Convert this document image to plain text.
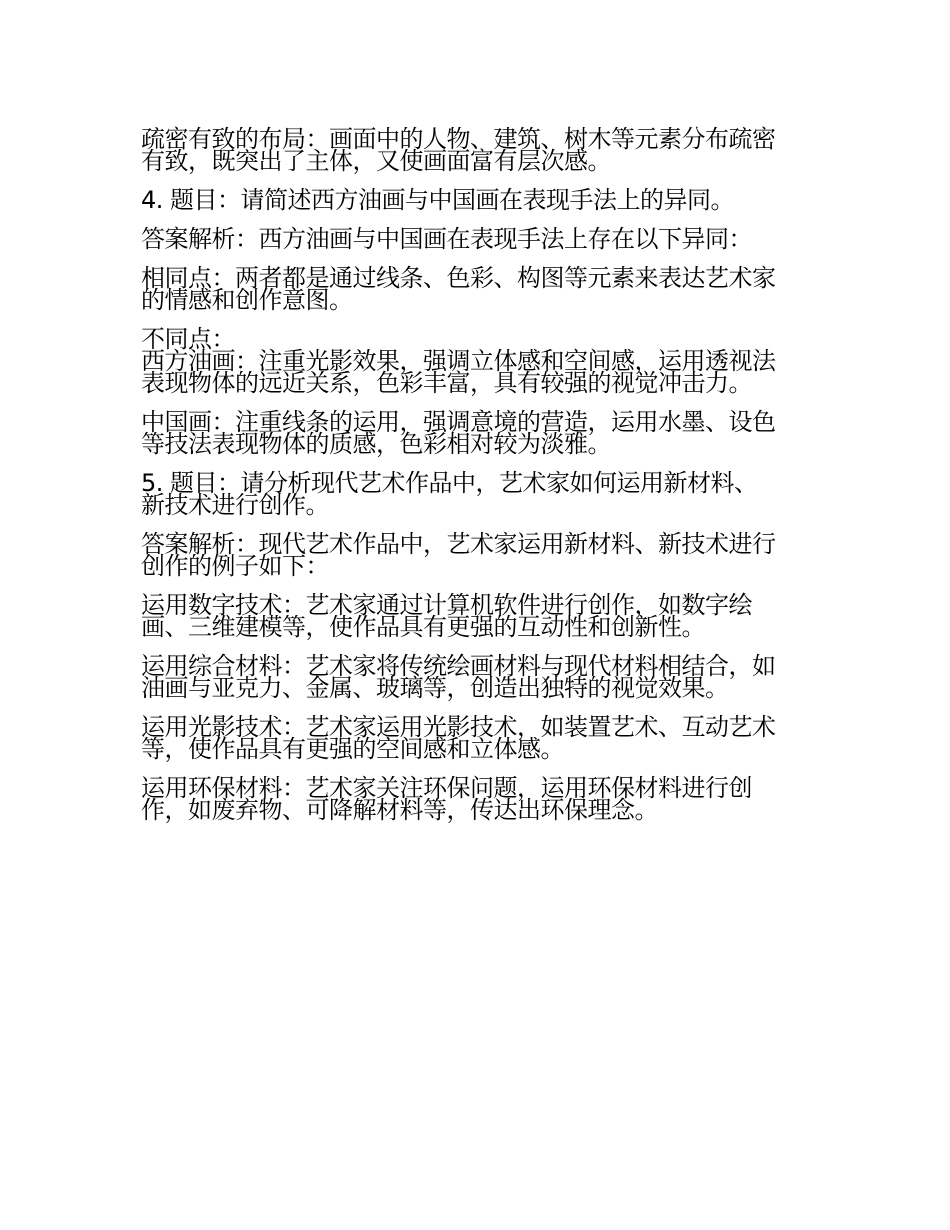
疏密有致的布局：画面中的人物、建筑、树木等元素分布疏密
有致，既突出了主体，又使画面富有层次感。

4. 题目：请简述西方油画与中国画在表现手法上的异同。

答案解析：西方油画与中国画在表现手法上存在以下异同：

相同点：两者都是通过线条、色彩、构图等元素来表达艺术家
的情感和创作意图。

不同点：

西方油画：注重光影效果，强调立体感和空间感，运用透视法
表现物体的远近关系，色彩丰富，具有较强的视觉冲击力。

中国画：注重线条的运用，强调意境的营造，运用水墨、设色
等技法表现物体的质感，色彩相对较为淡雅。

5. 题目：请分析现代艺术作品中，艺术家如何运用新材料、
新技术进行创作。

答案解析：现代艺术作品中，艺术家运用新材料、新技术进行
创作的例子如下：

运用数字技术：艺术家通过计算机软件进行创作，如数字绘
画、三维建模等，使作品具有更强的互动性和创新性。

运用综合材料：艺术家将传统绘画材料与现代材料相结合，如
油画与亚克力、金属、玻璃等，创造出独特的视觉效果。

运用光影技术：艺术家运用光影技术，如装置艺术、互动艺术
等，使作品具有更强的空间感和立体感。

运用环保材料：艺术家关注环保问题，运用环保材料进行创
作，如废弃物、可降解材料等，传达出环保理念。
